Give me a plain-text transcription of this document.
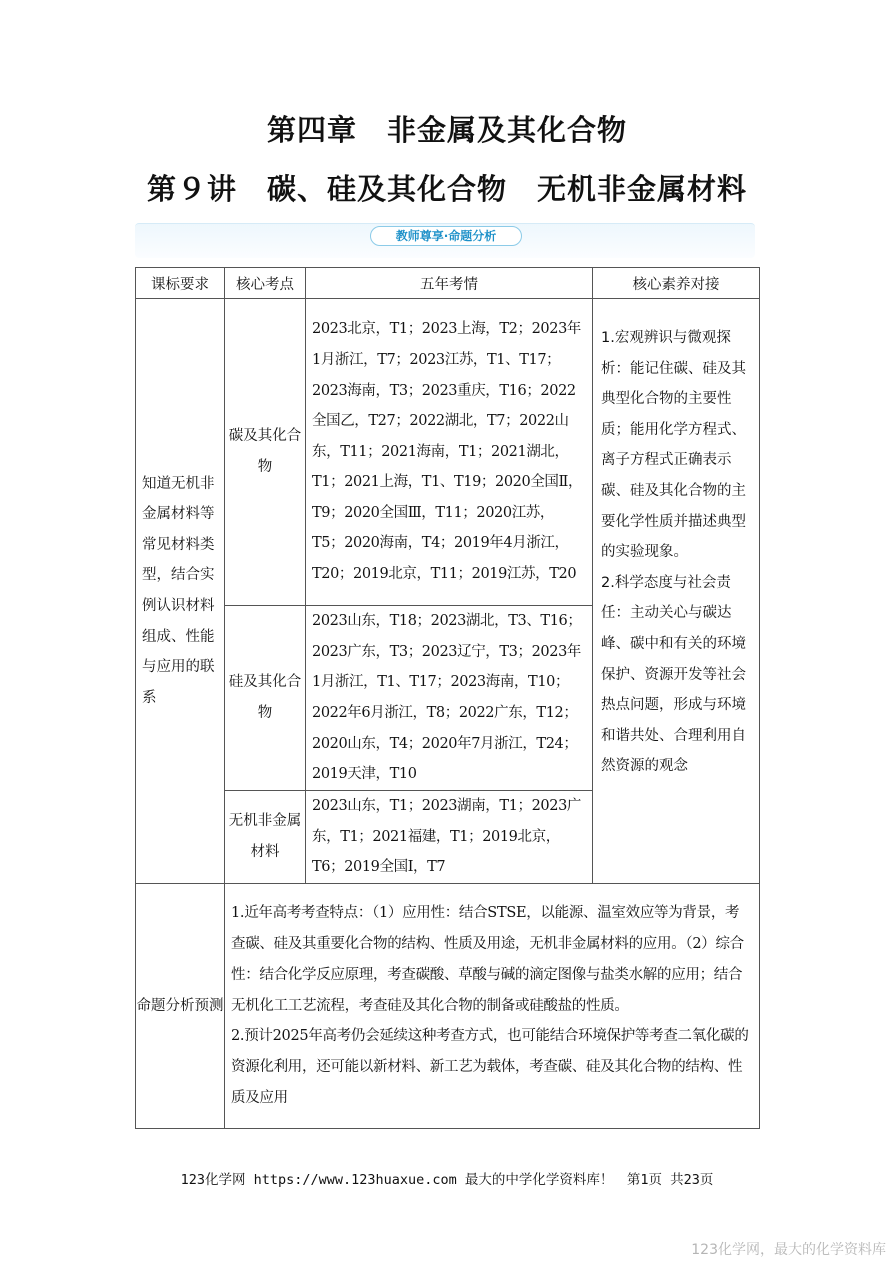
第四章　非金属及其化合物
第９讲　碳、硅及其化合物　无机非金属材料
教师尊享·命题分析
课标要求	核心考点	五年考情	核心素养对接
知道无机非金属材料等常见材料类型，结合实例认识材料组成、性能与应用的联系	碳及其化合物	2023北京，T1；2023上海，T2；2023年1月浙江，T7；2023江苏，T1、T17；2023海南，T3；2023重庆，T16；2022全国乙，T27；2022湖北，T7；2022山东，T11；2021海南，T1；2021湖北，T1；2021上海，T1、T19；2020全国Ⅱ，T9；2020全国Ⅲ，T11；2020江苏，T5；2020海南，T4；2019年4月浙江，T20；2019北京，T11；2019江苏，T20	1.宏观辨识与微观探析：能记住碳、硅及其典型化合物的主要性质；能用化学方程式、离子方程式正确表示碳、硅及其化合物的主要化学性质并描述典型的实验现象。

2.科学态度与社会责任：主动关心与碳达峰、碳中和有关的环境保护、资源开发等社会热点问题，形成与环境和谐共处、合理利用自然资源的观念

	硅及其化合物	2023山东，T18；2023湖北，T3、T16；2023广东，T3；2023辽宁，T3；2023年1月浙江，T1、T17；2023海南，T10；2022年6月浙江，T8；2022广东，T12；2020山东，T4；2020年7月浙江，T24；2019天津，T10	
	无机非金属材料	2023山东，T1；2023湖南，T1；2023广东，T1；2021福建，T1；2019北京，T6；2019全国Ⅰ，T7	
命题分析预测	1.近年高考考查特点：（1）应用性：结合STSE，以能源、温室效应等为背景，考查碳、硅及其重要化合物的结构、性质及用途，无机非金属材料的应用。（2）综合性：结合化学反应原理，考查碳酸、草酸与碱的滴定图像与盐类水解的应用；结合无机化工工艺流程，考查硅及其化合物的制备或硅酸盐的性质。

2.预计2025年高考仍会延续这种考查方式，也可能结合环境保护等考查二氧化碳的资源化利用，还可能以新材料、新工艺为载体，考查碳、硅及其化合物的结构、性质及应用		

123化学网 https://www.123huaxue.com 最大的中学化学资料库！　第1页 共23页
123化学网，最大的化学资料库
